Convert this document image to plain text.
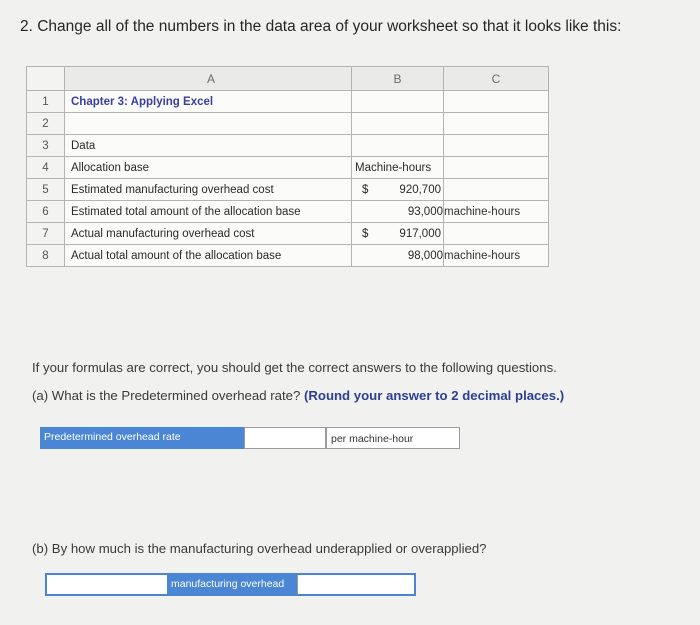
2. Change all of the numbers in the data area of your worksheet so that it looks like this:
	A	B	C
1	Chapter 3: Applying Excel		
2			
3	Data		
4	Allocation base	Machine-hours	
5	Estimated manufacturing overhead cost	$ 920,700	

6	Estimated total amount of the allocation base	93,000	machine-hours
7	Actual manufacturing overhead cost	$ 917,000	

8	Actual total amount of the allocation base	98,000	machine-hours
If your formulas are correct, you should get the correct answers to the following questions.
(a) What is the Predetermined overhead rate? (Round your answer to 2 decimal places.)
Predetermined overhead rate	per machine-hour
(b) By how much is the manufacturing overhead underapplied or overapplied?
manufacturing overhead
